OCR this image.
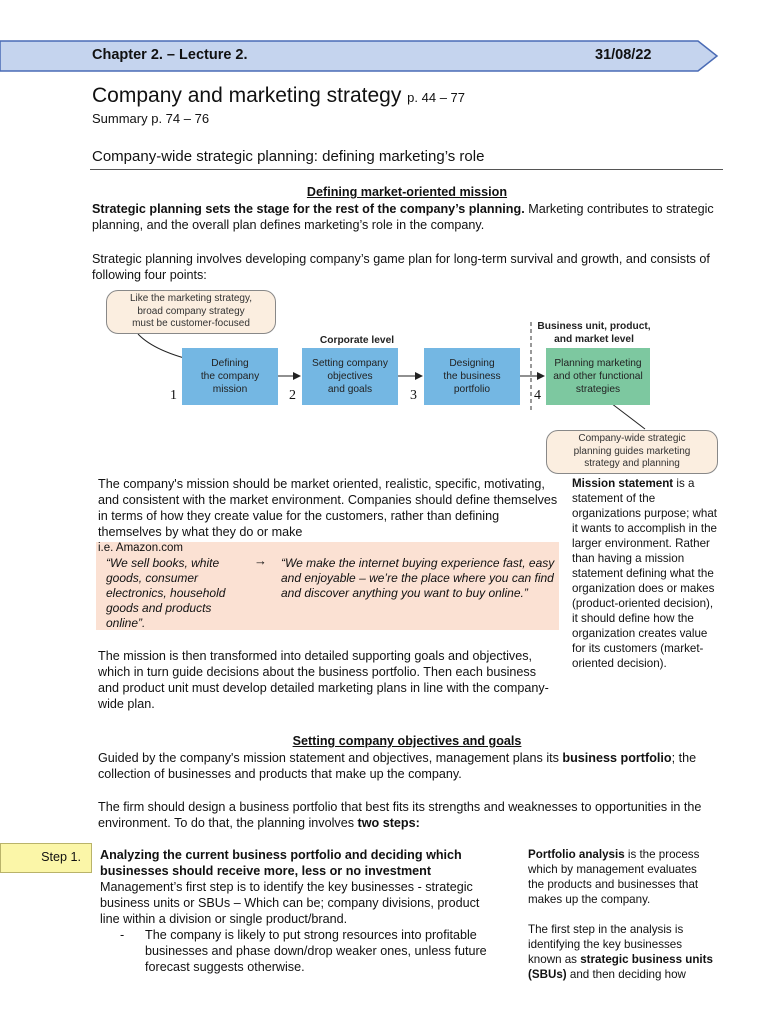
Chapter 2. – Lecture 2.	31/08/22
Company and marketing strategy p. 44 – 77
Summary p. 74 – 76
Company-wide strategic planning: defining marketing’s role
Defining market-oriented mission
Strategic planning sets the stage for the rest of the company’s planning. Marketing contributes to strategic planning, and the overall plan defines marketing’s role in the company.
Strategic planning involves developing company’s game plan for long-term survival and growth, and consists of following four points:
Like the marketing strategy,
broad company strategy
must be customer-focused
Corporate level
Business unit, product,
and market level
Defining
the company
mission
Setting company
objectives
and goals
Designing
the business
portfolio
Planning marketing
and other functional
strategies
1	2	3	4
Company-wide strategic
planning guides marketing
strategy and planning
The company's mission should be market oriented, realistic, specific, motivating, and consistent with the market environment. Companies should define themselves in terms of how they create value for the customers, rather than defining themselves by what they do or make
i.e. Amazon.com
“We sell books, white
goods, consumer
electronics, household
goods and products
online”.
→ “We make the internet buying experience fast, easy
and enjoyable – we’re the place where you can find
and discover anything you want to buy online.”
Mission statement is a statement of the organizations purpose; what it wants to accomplish in the larger environment. Rather than having a mission statement defining what the organization does or makes (product-oriented decision), it should define how the organization creates value for its customers (market-oriented decision).
The mission is then transformed into detailed supporting goals and objectives, which in turn guide decisions about the business portfolio. Then each business and product unit must develop detailed marketing plans in line with the company-wide plan.
Setting company objectives and goals
Guided by the company's mission statement and objectives, management plans its business portfolio; the collection of businesses and products that make up the company.
The firm should design a business portfolio that best fits its strengths and weaknesses to opportunities in the environment. To do that, the planning involves two steps:
Step 1.	Analyzing the current business portfolio and deciding which businesses should receive more, less or no investment
Management’s first step is to identify the key businesses - strategic business units or SBUs – Which can be; company divisions, product line within a division or single product/brand.
- The company is likely to put strong resources into profitable businesses and phase down/drop weaker ones, unless future forecast suggests otherwise.
Portfolio analysis is the process which by management evaluates the products and businesses that makes up the company.
The first step in the analysis is identifying the key businesses known as strategic business units (SBUs) and then deciding how
